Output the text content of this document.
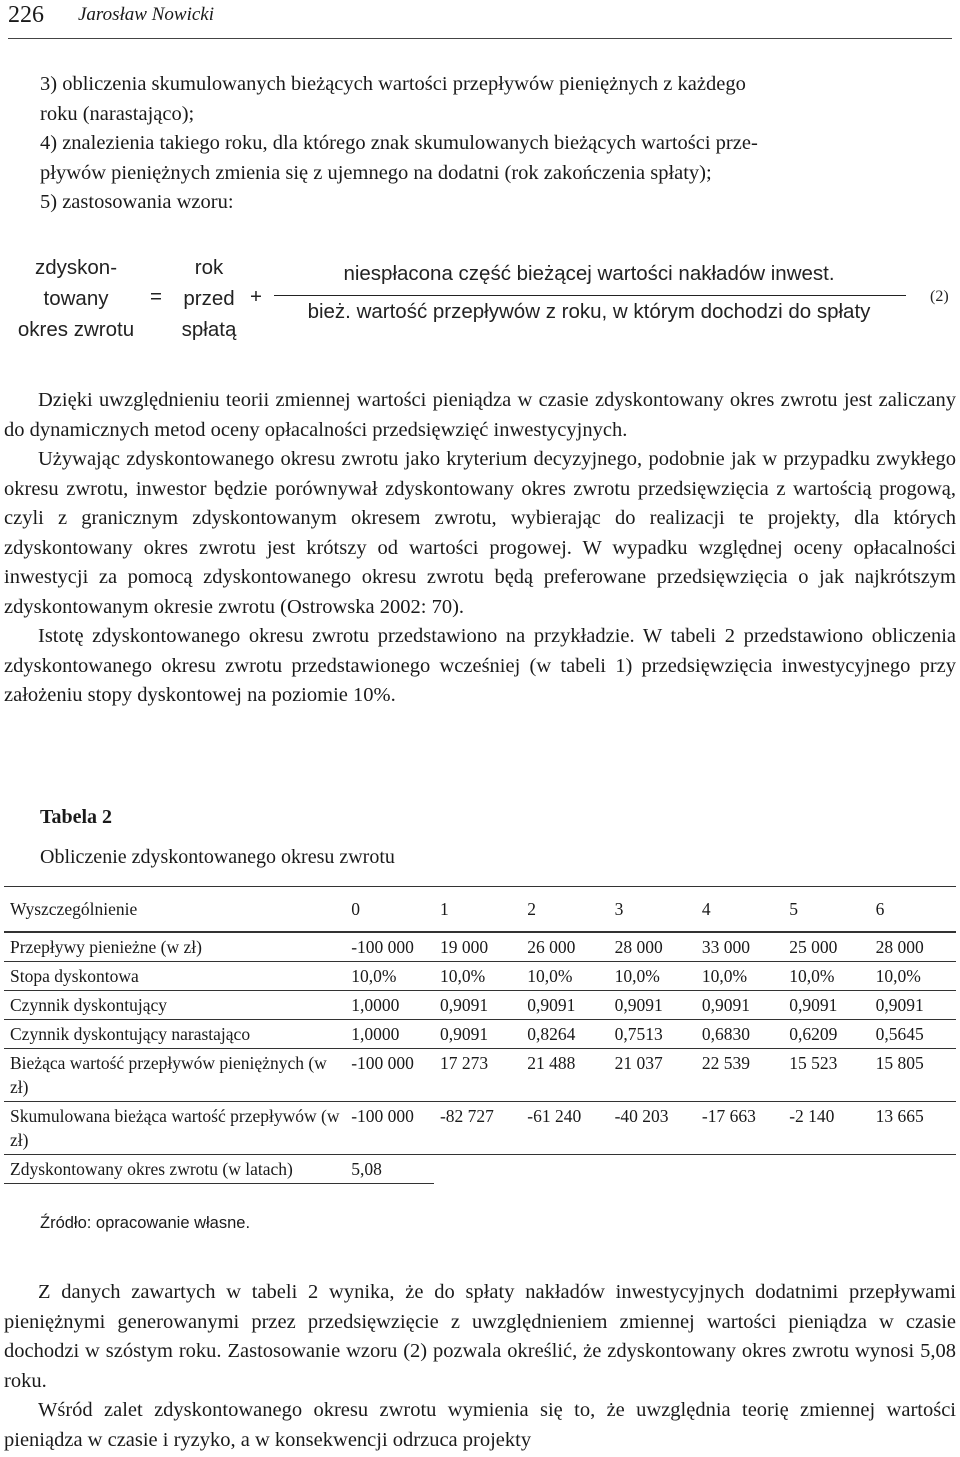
226 Jarosław Nowicki
3) obliczenia skumulowanych bieżących wartości przepływów pieniężnych z każdego
roku (narastająco);
4) znalezienia takiego roku, dla którego znak skumulowanych bieżących wartości prze-
pływów pieniężnych zmienia się z ujemnego na dodatni (rok zakończenia spłaty);
5) zastosowania wzoru:
zdyskon-
towany
okres zwrotu
=
rok
przed
spłatą
+
niespłacona część bieżącej wartości nakładów inwest.
bież. wartość przepływów z roku, w którym dochodzi do spłaty
(2)

Dzięki uwzględnieniu teorii zmiennej wartości pieniądza w czasie zdyskontowany okres zwrotu jest zaliczany do dynamicznych metod oceny opłacalności przedsięwzięć inwestycyjnych.

Używając zdyskontowanego okresu zwrotu jako kryterium decyzyjnego, podobnie jak w przypadku zwykłego okresu zwrotu, inwestor będzie porównywał zdyskontowany okres zwrotu przedsięwzięcia z wartością progową, czyli z granicznym zdyskontowanym okresem zwrotu, wybierając do realizacji te projekty, dla których zdyskontowany okres zwrotu jest krótszy od wartości progowej. W wypadku względnej oceny opłacalności inwestycji za pomocą zdyskontowanego okresu zwrotu będą preferowane przedsięwzięcia o jak najkrótszym zdyskontowanym okresie zwrotu (Ostrowska 2002: 70).

Istotę zdyskontowanego okresu zwrotu przedstawiono na przykładzie. W tabeli 2 przedstawiono obliczenia zdyskontowanego okresu zwrotu przedstawionego wcześniej (w tabeli 1) przedsięwzięcia inwestycyjnego przy założeniu stopy dyskontowej na poziomie 10%.

Tabela 2
Obliczenie zdyskontowanego okresu zwrotu
Wyszczególnienie	0	1	2	3	4	5	6
Przepływy pienieżne (w zł)	-100 000	19 000	26 000	28 000	33 000	25 000	28 000
Stopa dyskontowa	10,0%	10,0%	10,0%	10,0%	10,0%	10,0%	10,0%
Czynnik dyskontujący	1,0000	0,9091	0,9091	0,9091	0,9091	0,9091	0,9091
Czynnik dyskontujący narastająco	1,0000	0,9091	0,8264	0,7513	0,6830	0,6209	0,5645
Bieżąca wartość przepływów pieniężnych (w zł)	-100 000	17 273	21 488	21 037	22 539	15 523	15 805
Skumulowana bieżąca wartość przepływów (w zł)	-100 000	-82 727	-61 240	-40 203	-17 663	-2 140	13 665
Zdyskontowany okres zwrotu (w latach)	5,08						
Źródło: opracowanie własne.

Z danych zawartych w tabeli 2 wynika, że do spłaty nakładów inwestycyjnych dodatnimi przepływami pieniężnymi generowanymi przez przedsięwzięcie z uwzględnieniem zmiennej wartości pieniądza w czasie dochodzi w szóstym roku. Zastosowanie wzoru (2) pozwala określić, że zdyskontowany okres zwrotu wynosi 5,08 roku.

Wśród zalet zdyskontowanego okresu zwrotu wymienia się to, że uwzględnia teorię zmiennej wartości pieniądza w czasie i ryzyko, a w konsekwencji odrzuca projekty
